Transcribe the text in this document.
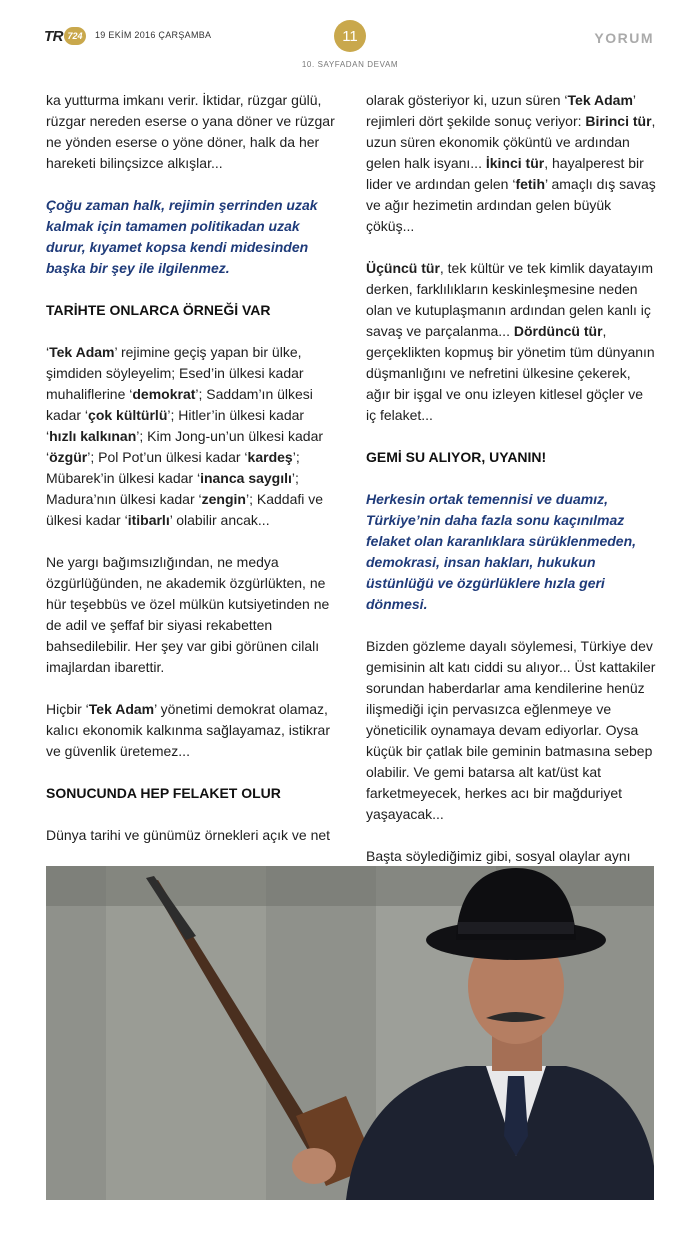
TR 724	19 EKİM 2016 ÇARŞAMBA	11
10. SAYFADAN DEVAM
YORUM

ka yutturma imkanı verir. İktidar, rüzgar gülü, rüzgar nereden eserse o yana döner ve rüzgar ne yönden eserse o yöne döner, halk da her hareketi bilinçsizce alkışlar...

Çoğu zaman halk, rejimin şerrinden uzak kalmak için tamamen politikadan uzak durur, kıyamet kopsa kendi midesinden başka bir şey ile ilgilenmez.

TARİHTE ONLARCA ÖRNEĞİ VAR

‘Tek Adam’ rejimine geçiş yapan bir ülke, şimdiden söyleyelim; Esed’in ülkesi kadar muhaliflerine ‘demokrat’; Saddam’ın ülkesi kadar ‘çok kültürlü’; Hitler’in ülkesi kadar ‘hızlı kalkınan’; Kim Jong-un’un ülkesi kadar ‘özgür’; Pol Pot’un ülkesi kadar ‘kardeş’; Mübarek’in ülkesi kadar ‘inanca saygılı’; Madura’nın ülkesi kadar ‘zengin’; Kaddafi ve ülkesi kadar ‘itibarlı’ olabilir ancak...

Ne yargı bağımsızlığından, ne medya özgürlüğünden, ne akademik özgürlükten, ne hür teşebbüs ve özel mülkün kutsiyetinden ne de adil ve şeffaf bir siyasi rekabetten bahsedilebilir. Her şey var gibi görünen cilalı imajlardan ibarettir.

Hiçbir ‘Tek Adam’ yönetimi demokrat olamaz, kalıcı ekonomik kalkınma sağlayamaz, istikrar ve güvenlik üretemez...

SONUCUNDA HEP FELAKET OLUR

Dünya tarihi ve günümüz örnekleri açık ve net

olarak gösteriyor ki, uzun süren ‘Tek Adam’ rejimleri dört şekilde sonuç veriyor: Birinci tür, uzun süren ekonomik çöküntü ve ardından gelen halk isyanı... İkinci tür, hayalperest bir lider ve ardından gelen ‘fetih’ amaçlı dış savaş ve ağır hezimetin ardından gelen büyük çöküş...

Üçüncü tür, tek kültür ve tek kimlik dayatayım derken, farklılıkların keskinleşmesine neden olan ve kutuplaşmanın ardından gelen kanlı iç savaş ve parçalanma... Dördüncü tür, gerçeklikten kopmuş bir yönetim tüm dünyanın düşmanlığını ve nefretini ülkesine çekerek, ağır bir işgal ve onu izleyen kitlesel göçler ve iç felaket...

GEMİ SU ALIYOR, UYANIN!

Herkesin ortak temennisi ve duamız, Türkiye’nin daha fazla sonu kaçınılmaz felaket olan karanlıklara sürüklenmeden, demokrasi, insan hakları, hukukun üstünlüğü ve özgürlüklere hızla geri dönmesi.

Bizden gözleme dayalı söylemesi, Türkiye dev gemisinin alt katı ciddi su alıyor... Üst kattakiler sorundan haberdarlar ama kendilerine henüz ilişmediği için pervasızca eğlenmeye ve yöneticilik oynamaya devam ediyorlar. Oysa küçük bir çatlak bile geminin batmasına sebep olabilir. Ve gemi batarsa alt kat/üst kat farketmeyecek, herkes acı bir mağduriyet yaşayacak...

Başta söylediğimiz gibi, sosyal olaylar aynı
